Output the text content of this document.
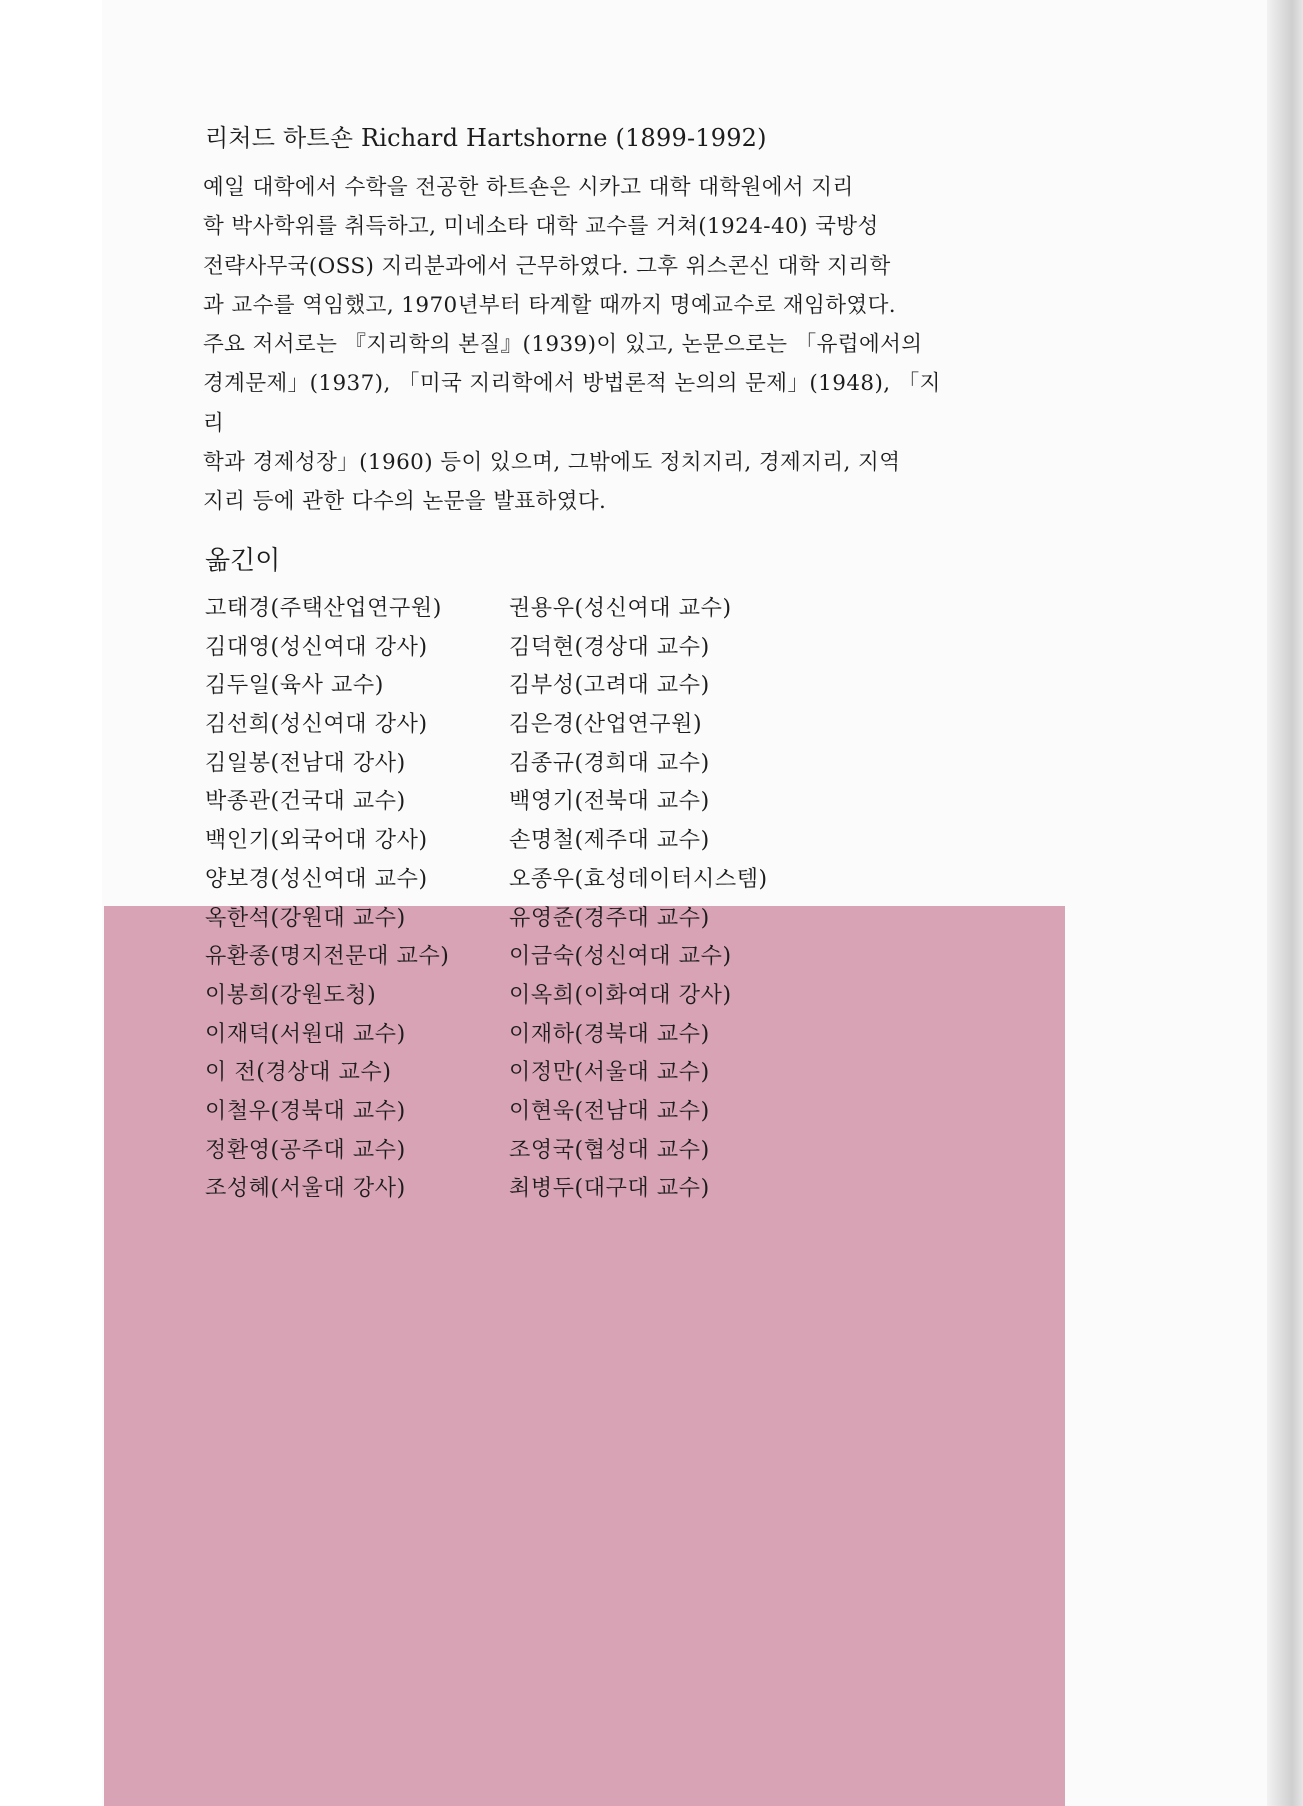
리처드 하트숀 Richard Hartshorne (1899-1992)

예일 대학에서 수학을 전공한 하트숀은 시카고 대학 대학원에서 지리
학 박사학위를 취득하고, 미네소타 대학 교수를 거쳐(1924-40) 국방성
전략사무국(OSS) 지리분과에서 근무하였다. 그후 위스콘신 대학 지리학
과 교수를 역임했고, 1970년부터 타계할 때까지 명예교수로 재임하였다.
주요 저서로는 『지리학의 본질』(1939)이 있고, 논문으로는 「유럽에서의
경계문제」(1937), 「미국 지리학에서 방법론적 논의의 문제」(1948), 「지리
학과 경제성장」(1960) 등이 있으며, 그밖에도 정치지리, 경제지리, 지역
지리 등에 관한 다수의 논문을 발표하였다.

옮긴이
고태경(주택산업연구원)	권용우(성신여대 교수)
김대영(성신여대 강사)	김덕현(경상대 교수)
김두일(육사 교수)	김부성(고려대 교수)
김선희(성신여대 강사)	김은경(산업연구원)
김일봉(전남대 강사)	김종규(경희대 교수)
박종관(건국대 교수)	백영기(전북대 교수)
백인기(외국어대 강사)	손명철(제주대 교수)
양보경(성신여대 교수)	오종우(효성데이터시스템)
옥한석(강원대 교수)	유영준(경주대 교수)
유환종(명지전문대 교수)	이금숙(성신여대 교수)
이봉희(강원도청)	이옥희(이화여대 강사)
이재덕(서원대 교수)	이재하(경북대 교수)
이 전(경상대 교수)	이정만(서울대 교수)
이철우(경북대 교수)	이현욱(전남대 교수)
정환영(공주대 교수)	조영국(협성대 교수)
조성혜(서울대 강사)	최병두(대구대 교수)
